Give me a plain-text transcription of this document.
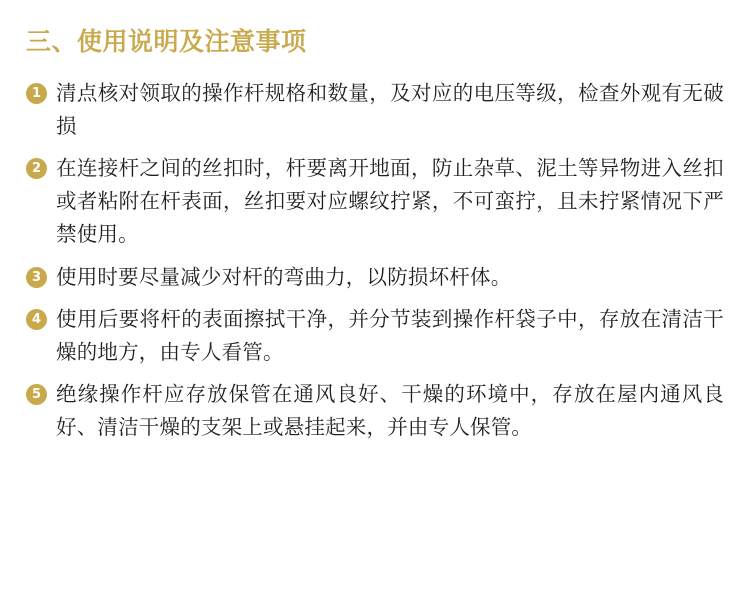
三、使用说明及注意事项
1 清点核对领取的操作杆规格和数量，及对应的电压等级，检查外观有无破损
2 在连接杆之间的丝扣时，杆要离开地面，防止杂草、泥土等异物进入丝扣或者粘附在杆表面，丝扣要对应螺纹拧紧，不可蛮拧，且未拧紧情况下严禁使用。
3 使用时要尽量减少对杆的弯曲力，以防损坏杆体。
4 使用后要将杆的表面擦拭干净，并分节装到操作杆袋子中，存放在清洁干燥的地方，由专人看管。
5 绝缘操作杆应存放保管在通风良好、干燥的环境中，存放在屋内通风良好、清洁干燥的支架上或悬挂起来，并由专人保管。
